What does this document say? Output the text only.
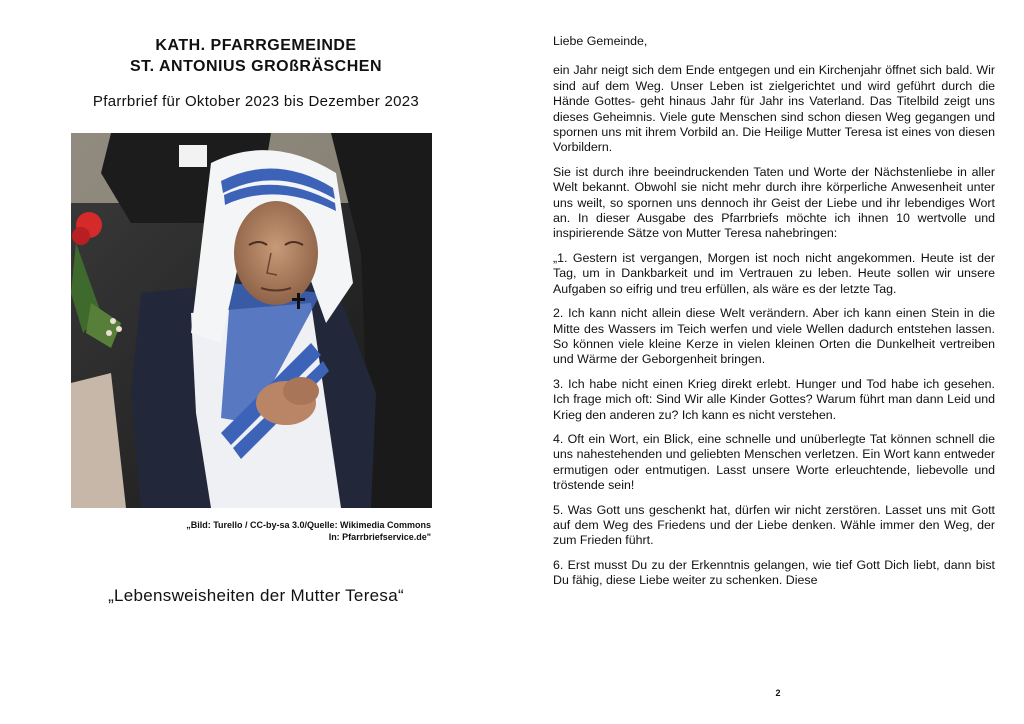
KATH. PFARRGEMEINDE
ST. ANTONIUS GROßRÄSCHEN
Pfarrbrief für Oktober 2023 bis Dezember 2023
„Bild: Turello / CC-by-sa 3.0/Quelle: Wikimedia Commons
In: Pfarrbriefservice.de"
„Lebensweisheiten der Mutter Teresa“

Liebe Gemeinde,

ein Jahr neigt sich dem Ende entgegen und ein Kirchenjahr öffnet sich bald. Wir sind auf dem Weg. Unser Leben ist zielgerichtet und wird geführt durch die Hände Gottes- geht hinaus Jahr für Jahr ins Vaterland. Das Titelbild zeigt uns dieses Geheimnis. Viele gute Menschen sind schon diesen Weg gegangen und spornen uns mit ihrem Vorbild an. Die Heilige Mutter Teresa ist eines von diesen Vorbildern.

Sie ist durch ihre beeindruckenden Taten und Worte der Nächstenliebe in aller Welt bekannt. Obwohl sie nicht mehr durch ihre körperliche Anwesenheit unter uns weilt, so spornen uns dennoch ihr Geist der Liebe und ihr lebendiges Wort an. In dieser Ausgabe des Pfarrbriefs möchte ich ihnen 10 wertvolle und inspirierende Sätze von Mutter Teresa nahebringen:

„1. Gestern ist vergangen, Morgen ist noch nicht angekommen. Heute ist der Tag, um in Dankbarkeit und im Vertrauen zu leben. Heute sollen wir unsere Aufgaben so eifrig und treu erfüllen, als wäre es der letzte Tag.

2. Ich kann nicht allein diese Welt verändern. Aber ich kann einen Stein in die Mitte des Wassers im Teich werfen und viele Wellen dadurch entstehen lassen. So können viele kleine Kerze in vielen kleinen Orten die Dunkelheit vertreiben und Wärme der Geborgenheit bringen.

3. Ich habe nicht einen Krieg direkt erlebt. Hunger und Tod habe ich gesehen. Ich frage mich oft: Sind Wir alle Kinder Gottes? Warum führt man dann Leid und Krieg den anderen zu? Ich kann es nicht verstehen.

4. Oft ein Wort, ein Blick, eine schnelle und unüberlegte Tat können schnell die uns nahestehenden und geliebten Menschen verletzen. Ein Wort kann entweder ermutigen oder entmutigen. Lasst unsere Worte erleuchtende, liebevolle und tröstende sein!

5. Was Gott uns geschenkt hat, dürfen wir nicht zerstören. Lasset uns mit Gott auf dem Weg des Friedens und der Liebe denken. Wähle immer den Weg, der zum Frieden führt.

6. Erst musst Du zu der Erkenntnis gelangen, wie tief Gott Dich liebt, dann bist Du fähig, diese Liebe weiter zu schenken. Diese

2
